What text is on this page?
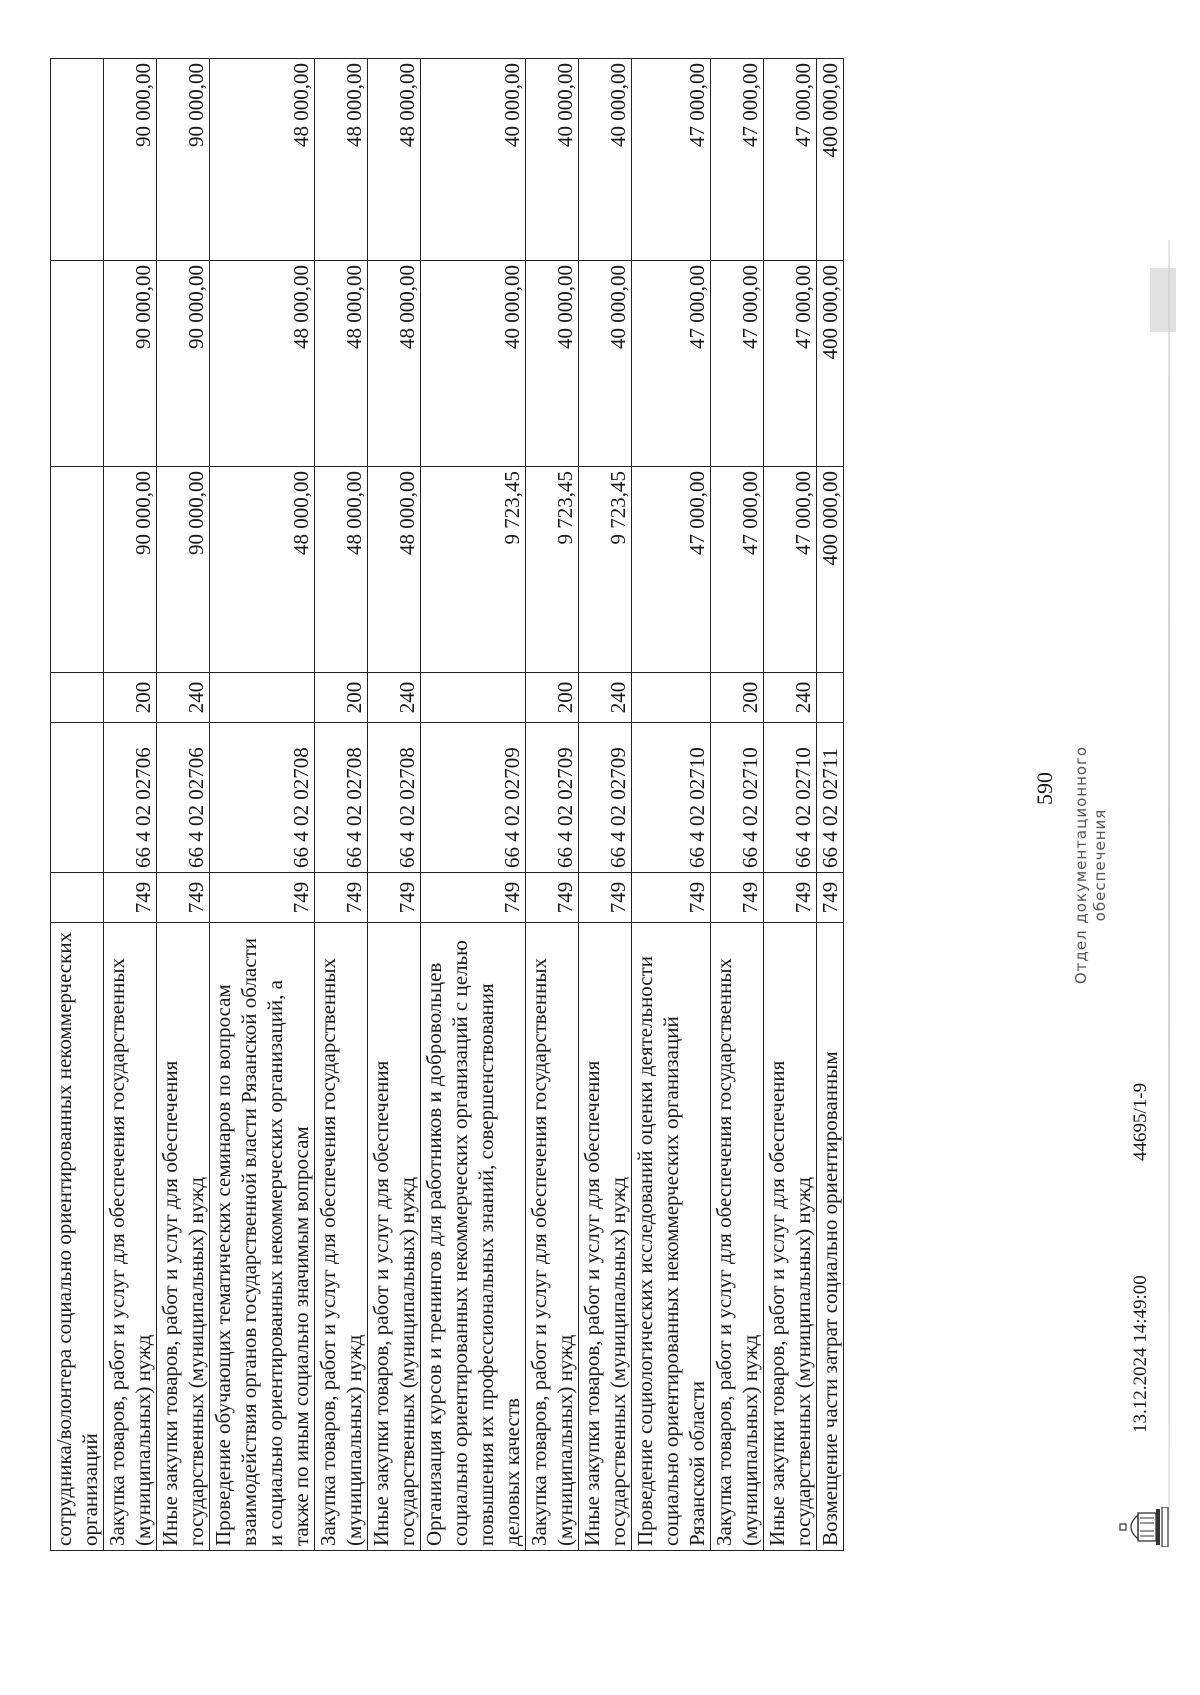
590
сотрудника/волонтера социально ориентированных некоммерческих организаций						
Закупка товаров, работ и услуг для обеспечения государственных (муниципальных) нужд	749	66 4 02 02706	200	90 000,00	90 000,00	90 000,00
Иные закупки товаров, работ и услуг для обеспечения государственных (муниципальных) нужд	749	66 4 02 02706	240	90 000,00	90 000,00	90 000,00
Проведение обучающих тематических семинаров по вопросам взаимодействия органов государственной власти Рязанской области и социально ориентированных некоммерческих организаций, а также по иным социально значимым вопросам	749	66 4 02 02708		48 000,00	48 000,00	48 000,00
Закупка товаров, работ и услуг для обеспечения государственных (муниципальных) нужд	749	66 4 02 02708	200	48 000,00	48 000,00	48 000,00
Иные закупки товаров, работ и услуг для обеспечения государственных (муниципальных) нужд	749	66 4 02 02708	240	48 000,00	48 000,00	48 000,00
Организация курсов и тренингов для работников и добровольцев социально ориентированных некоммерческих организаций с целью повышения их профессиональных знаний, совершенствования деловых качеств	749	66 4 02 02709		9 723,45	40 000,00	40 000,00
Закупка товаров, работ и услуг для обеспечения государственных (муниципальных) нужд	749	66 4 02 02709	200	9 723,45	40 000,00	40 000,00
Иные закупки товаров, работ и услуг для обеспечения государственных (муниципальных) нужд	749	66 4 02 02709	240	9 723,45	40 000,00	40 000,00
Проведение социологических исследований оценки деятельности социально ориентированных некоммерческих организаций Рязанской области	749	66 4 02 02710		47 000,00	47 000,00	47 000,00
Закупка товаров, работ и услуг для обеспечения государственных (муниципальных) нужд	749	66 4 02 02710	200	47 000,00	47 000,00	47 000,00
Иные закупки товаров, работ и услуг для обеспечения государственных (муниципальных) нужд	749	66 4 02 02710	240	47 000,00	47 000,00	47 000,00
Возмещение части затрат социально ориентированным	749	66 4 02 02711		400 000,00	400 000,00	400 000,00
13.12.2024 14:49:00
44695/1-9
Отдел документационного обеспечения
